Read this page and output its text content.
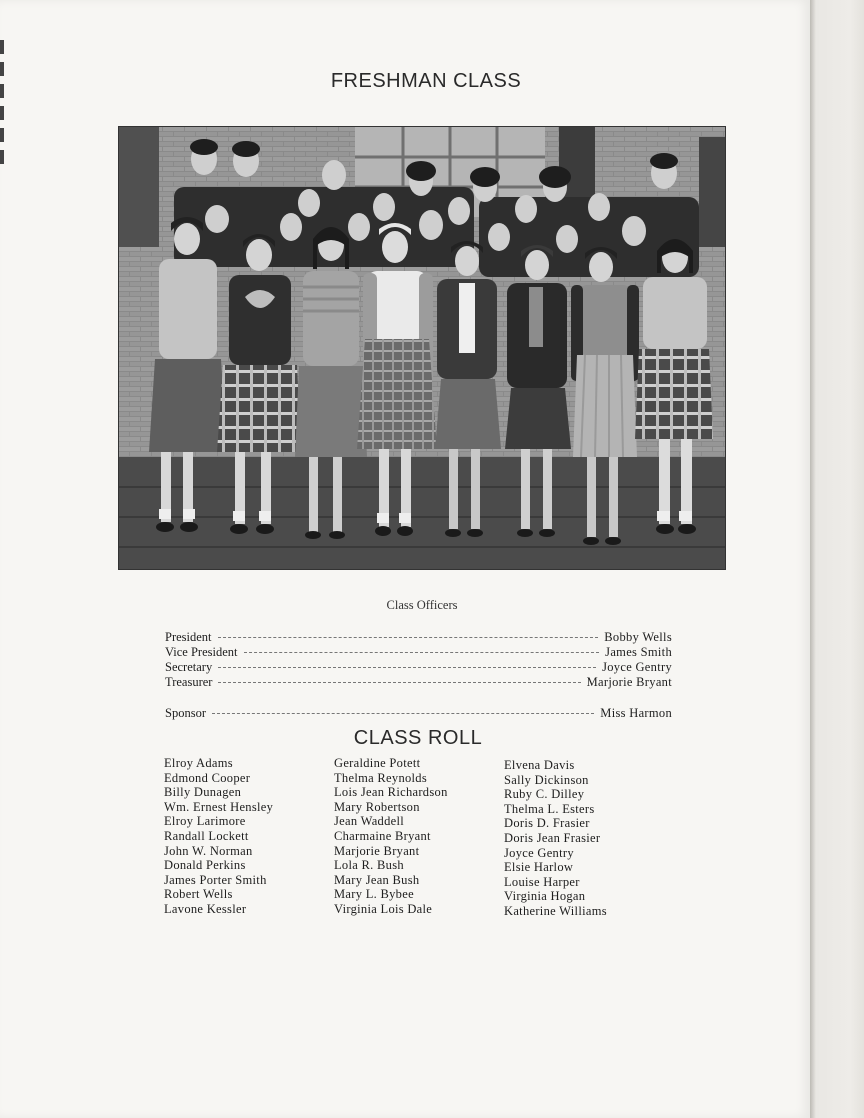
FRESHMAN CLASS
Class Officers
President	Bobby Wells
Vice President	James Smith
Secretary	Joyce Gentry
Treasurer	Marjorie Bryant
Sponsor	Miss Harmon
CLASS ROLL
Elroy Adams
Edmond Cooper
Billy Dunagen
Wm. Ernest Hensley
Elroy Larimore
Randall Lockett
John W. Norman
Donald Perkins
James Porter Smith
Robert Wells
Lavone Kessler
Geraldine Potett
Thelma Reynolds
Lois Jean Richardson
Mary Robertson
Jean Waddell
Charmaine Bryant
Marjorie Bryant
Lola R. Bush
Mary Jean Bush
Mary L. Bybee
Virginia Lois Dale
Elvena Davis
Sally Dickinson
Ruby C. Dilley
Thelma L. Esters
Doris D. Frasier
Doris Jean Frasier
Joyce Gentry
Elsie Harlow
Louise Harper
Virginia Hogan
Katherine Williams
